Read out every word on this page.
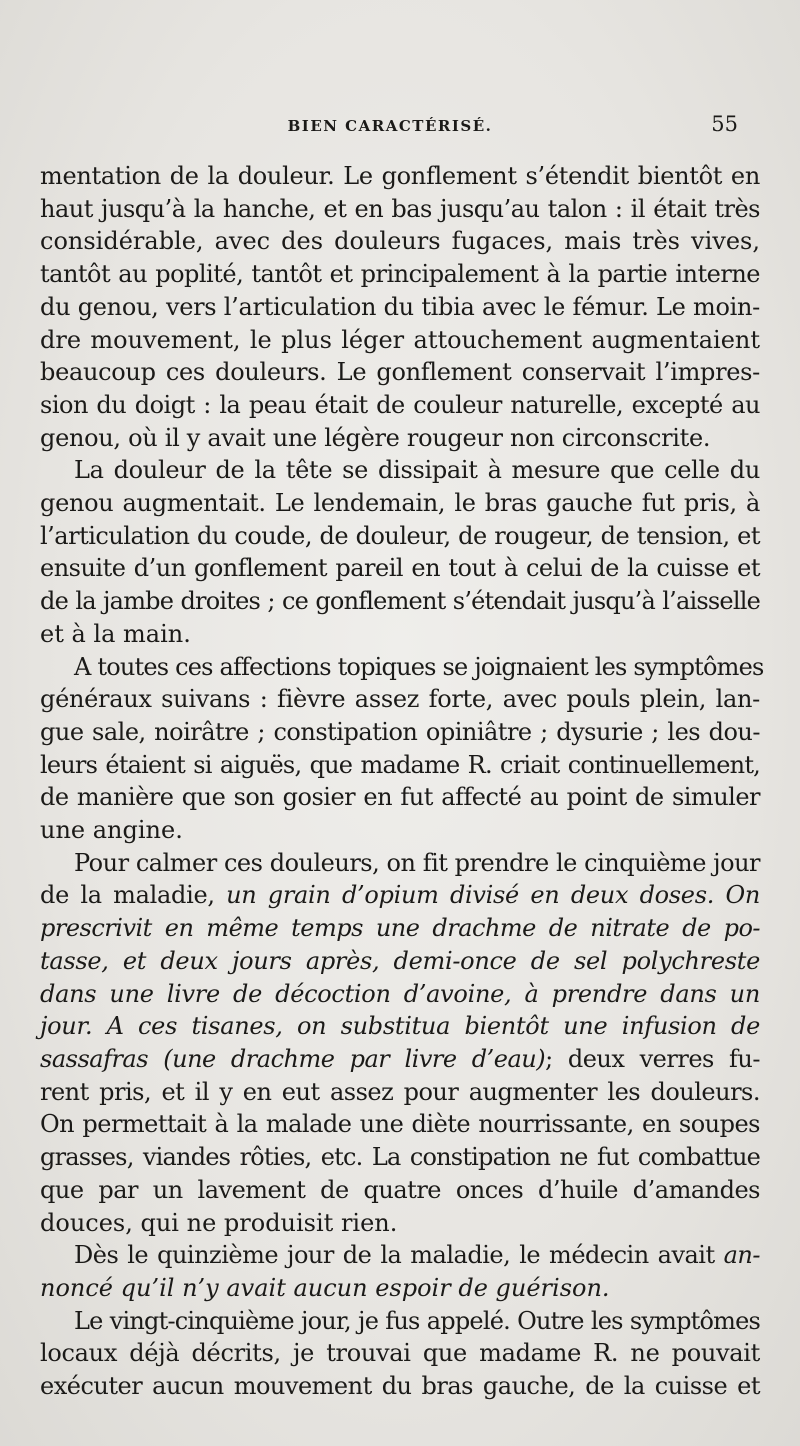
BIEN CARACTÉRISÉ.	55
mentation de la douleur. Le gonflement s’étendit bientôt en
haut jusqu’à la hanche, et en bas jusqu’au talon : il était très
considérable, avec des douleurs fugaces, mais très vives,
tantôt au poplité, tantôt et principalement à la partie interne
du genou, vers l’articulation du tibia avec le fémur. Le moin-
dre mouvement, le plus léger attouchement augmentaient
beaucoup ces douleurs. Le gonflement conservait l’impres-
sion du doigt : la peau était de couleur naturelle, excepté au
genou, où il y avait une légère rougeur non circonscrite.
La douleur de la tête se dissipait à mesure que celle du
genou augmentait. Le lendemain, le bras gauche fut pris, à
l’articulation du coude, de douleur, de rougeur, de tension, et
ensuite d’un gonflement pareil en tout à celui de la cuisse et
de la jambe droites ; ce gonflement s’étendait jusqu’à l’aisselle
et à la main.
A toutes ces affections topiques se joignaient les symptômes
généraux suivans : fièvre assez forte, avec pouls plein, lan-
gue sale, noirâtre ; constipation opiniâtre ; dysurie ; les dou-
leurs étaient si aiguës, que madame R. criait continuellement,
de manière que son gosier en fut affecté au point de simuler
une angine.
Pour calmer ces douleurs, on fit prendre le cinquième jour
de la maladie, un grain d’opium divisé en deux doses. On
prescrivit en même temps une drachme de nitrate de po-
tasse, et deux jours après, demi-once de sel polychreste
dans une livre de décoction d’avoine, à prendre dans un
jour. A ces tisanes, on substitua bientôt une infusion de
sassafras (une drachme par livre d’eau); deux verres fu-
rent pris, et il y en eut assez pour augmenter les douleurs.
On permettait à la malade une diète nourrissante, en soupes
grasses, viandes rôties, etc. La constipation ne fut combattue
que par un lavement de quatre onces d’huile d’amandes
douces, qui ne produisit rien.
Dès le quinzième jour de la maladie, le médecin avait an-
noncé qu’il n’y avait aucun espoir de guérison.
Le vingt-cinquième jour, je fus appelé. Outre les symptômes
locaux déjà décrits, je trouvai que madame R. ne pouvait
exécuter aucun mouvement du bras gauche, de la cuisse et
